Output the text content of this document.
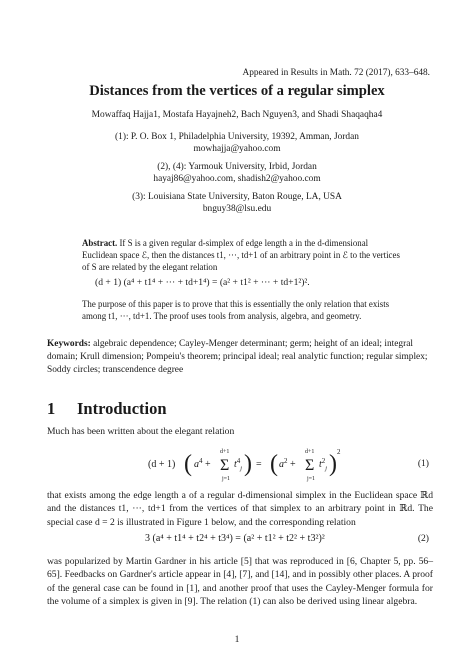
Appeared in Results in Math. 72 (2017), 633–648.
Distances from the vertices of a regular simplex
Mowaffaq Hajja1, Mostafa Hayajneh2, Bach Nguyen3, and Shadi Shaqaqha4
(1): P. O. Box 1, Philadelphia University, 19392, Amman, Jordan
mowhajja@yahoo.com
(2), (4): Yarmouk University, Irbid, Jordan
hayaj86@yahoo.com, shadish2@yahoo.com
(3): Louisiana State University, Baton Rouge, LA, USA
bnguy38@lsu.edu
Abstract. If S is a given regular d-simplex of edge length a in the d-dimensional Euclidean space ℰ, then the distances t1, ···, td+1 of an arbitrary point in ℰ to the vertices of S are related by the elegant relation
(d + 1) (a⁴ + t1⁴ + ··· + td+1⁴) = (a² + t1² + ··· + td+1²)².
The purpose of this paper is to prove that this is essentially the only relation that exists among t1, ···, td+1. The proof uses tools from analysis, algebra, and geometry.
Keywords: algebraic dependence; Cayley-Menger determinant; germ; height of an ideal; integral domain; Krull dimension; Pompeiu's theorem; principal ideal; real analytic function; regular simplex; Soddy circles; transcendence degree
1 Introduction
Much has been written about the elegant relation
(d + 1) ( $a^4 + \Sigma$
d+1
j=1
$t^4_j$ ) = ( $a^2 + \Sigma$
d+1
j=1
$t^2_j$ ) 2
(1)
that exists among the edge length a of a regular d-dimensional simplex in the Euclidean space ℝd and the distances t1, ···, td+1 from the vertices of that simplex to an arbitrary point in ℝd. The special case d = 2 is illustrated in Figure 1 below, and the corresponding relation
3 (a⁴ + t1⁴ + t2⁴ + t3⁴) = (a² + t1² + t2² + t3²)²	(2)
was popularized by Martin Gardner in his article [5] that was reproduced in [6, Chapter 5, pp. 56–65]. Feedbacks on Gardner's article appear in [4], [7], and [14], and in possibly other places. A proof of the general case can be found in [1], and another proof that uses the Cayley-Menger formula for the volume of a simplex is given in [9]. The relation (1) can also be derived using linear algebra.
1
